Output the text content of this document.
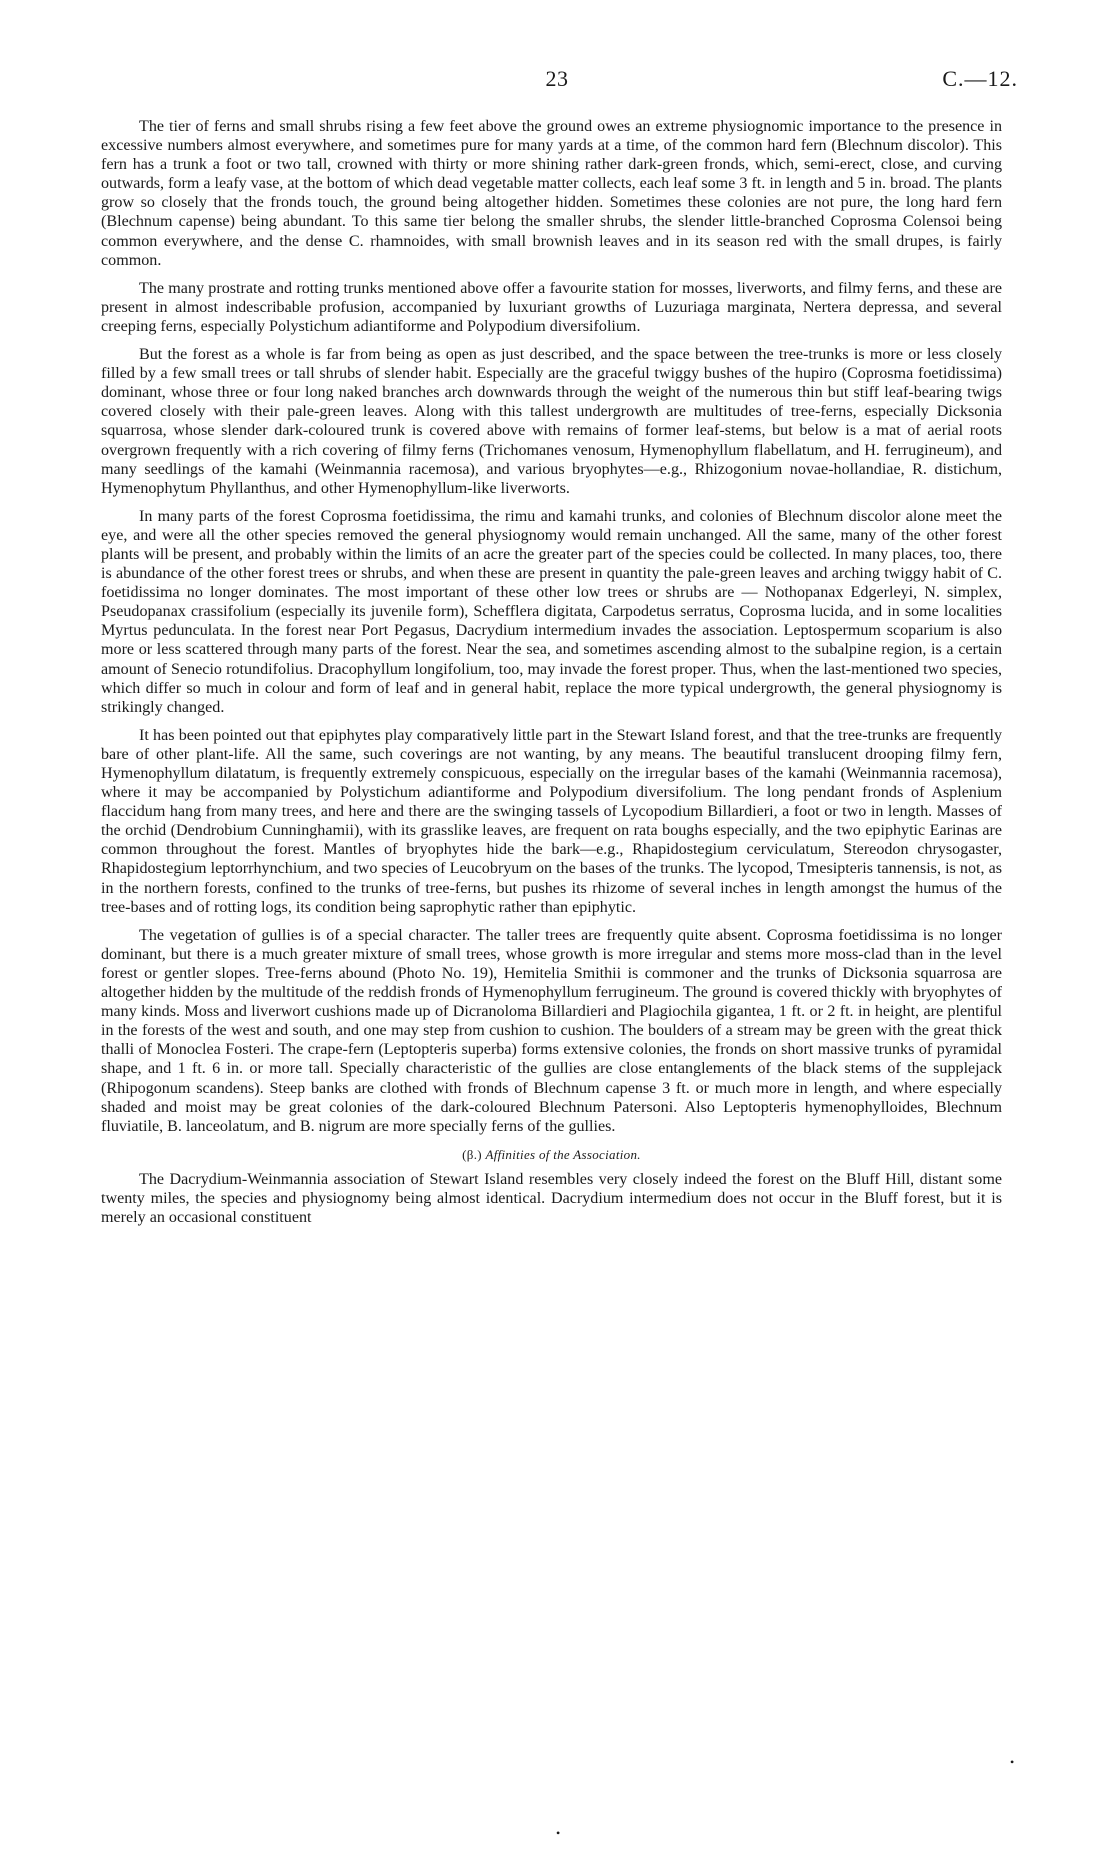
23	C.—12.

The tier of ferns and small shrubs rising a few feet above the ground owes an extreme physiognomic importance to the presence in excessive numbers almost everywhere, and sometimes pure for many yards at a time, of the common hard fern (Blechnum discolor). This fern has a trunk a foot or two tall, crowned with thirty or more shining rather dark-green fronds, which, semi-erect, close, and curving outwards, form a leafy vase, at the bottom of which dead vegetable matter collects, each leaf some 3 ft. in length and 5 in. broad. The plants grow so closely that the fronds touch, the ground being altogether hidden. Sometimes these colonies are not pure, the long hard fern (Blechnum capense) being abundant. To this same tier belong the smaller shrubs, the slender little-branched Coprosma Colensoi being common everywhere, and the dense C. rhamnoides, with small brownish leaves and in its season red with the small drupes, is fairly common.

The many prostrate and rotting trunks mentioned above offer a favourite station for mosses, liverworts, and filmy ferns, and these are present in almost indescribable profusion, accompanied by luxuriant growths of Luzuriaga marginata, Nertera depressa, and several creeping ferns, especially Polystichum adiantiforme and Polypodium diversifolium.

But the forest as a whole is far from being as open as just described, and the space between the tree-trunks is more or less closely filled by a few small trees or tall shrubs of slender habit. Especially are the graceful twiggy bushes of the hupiro (Coprosma foetidissima) dominant, whose three or four long naked branches arch downwards through the weight of the numerous thin but stiff leaf-bearing twigs covered closely with their pale-green leaves. Along with this tallest undergrowth are multitudes of tree-ferns, especially Dicksonia squarrosa, whose slender dark-coloured trunk is covered above with remains of former leaf-stems, but below is a mat of aerial roots overgrown frequently with a rich covering of filmy ferns (Trichomanes venosum, Hymenophyllum flabellatum, and H. ferrugineum), and many seedlings of the kamahi (Weinmannia racemosa), and various bryophytes—e.g., Rhizogonium novae-hollandiae, R. distichum, Hymenophytum Phyllanthus, and other Hymenophyllum-like liverworts.

In many parts of the forest Coprosma foetidissima, the rimu and kamahi trunks, and colonies of Blechnum discolor alone meet the eye, and were all the other species removed the general physiognomy would remain unchanged. All the same, many of the other forest plants will be present, and probably within the limits of an acre the greater part of the species could be collected. In many places, too, there is abundance of the other forest trees or shrubs, and when these are present in quantity the pale-green leaves and arching twiggy habit of C. foetidissima no longer dominates. The most important of these other low trees or shrubs are — Nothopanax Edgerleyi, N. simplex, Pseudopanax crassifolium (especially its juvenile form), Schefflera digitata, Carpodetus serratus, Coprosma lucida, and in some localities Myrtus pedunculata. In the forest near Port Pegasus, Dacrydium intermedium invades the association. Leptospermum scoparium is also more or less scattered through many parts of the forest. Near the sea, and sometimes ascending almost to the subalpine region, is a certain amount of Senecio rotundifolius. Dracophyllum longifolium, too, may invade the forest proper. Thus, when the last-mentioned two species, which differ so much in colour and form of leaf and in general habit, replace the more typical undergrowth, the general physiognomy is strikingly changed.

It has been pointed out that epiphytes play comparatively little part in the Stewart Island forest, and that the tree-trunks are frequently bare of other plant-life. All the same, such coverings are not wanting, by any means. The beautiful translucent drooping filmy fern, Hymenophyllum dilatatum, is frequently extremely conspicuous, especially on the irregular bases of the kamahi (Weinmannia racemosa), where it may be accompanied by Polystichum adiantiforme and Polypodium diversifolium. The long pendant fronds of Asplenium flaccidum hang from many trees, and here and there are the swinging tassels of Lycopodium Billardieri, a foot or two in length. Masses of the orchid (Dendrobium Cunninghamii), with its grasslike leaves, are frequent on rata boughs especially, and the two epiphytic Earinas are common throughout the forest. Mantles of bryophytes hide the bark—e.g., Rhapidostegium cerviculatum, Stereodon chrysogaster, Rhapidostegium leptorrhynchium, and two species of Leucobryum on the bases of the trunks. The lycopod, Tmesipteris tannensis, is not, as in the northern forests, confined to the trunks of tree-ferns, but pushes its rhizome of several inches in length amongst the humus of the tree-bases and of rotting logs, its condition being saprophytic rather than epiphytic.

The vegetation of gullies is of a special character. The taller trees are frequently quite absent. Coprosma foetidissima is no longer dominant, but there is a much greater mixture of small trees, whose growth is more irregular and stems more moss-clad than in the level forest or gentler slopes. Tree-ferns abound (Photo No. 19), Hemitelia Smithii is commoner and the trunks of Dicksonia squarrosa are altogether hidden by the multitude of the reddish fronds of Hymenophyllum ferrugineum. The ground is covered thickly with bryophytes of many kinds. Moss and liverwort cushions made up of Dicranoloma Billardieri and Plagiochila gigantea, 1 ft. or 2 ft. in height, are plentiful in the forests of the west and south, and one may step from cushion to cushion. The boulders of a stream may be green with the great thick thalli of Monoclea Fosteri. The crape-fern (Leptopteris superba) forms extensive colonies, the fronds on short massive trunks of pyramidal shape, and 1 ft. 6 in. or more tall. Specially characteristic of the gullies are close entanglements of the black stems of the supplejack (Rhipogonum scandens). Steep banks are clothed with fronds of Blechnum capense 3 ft. or much more in length, and where especially shaded and moist may be great colonies of the dark-coloured Blechnum Patersoni. Also Leptopteris hymenophylloides, Blechnum fluviatile, B. lanceolatum, and B. nigrum are more specially ferns of the gullies.

(β.) Affinities of the Association.

The Dacrydium-Weinmannia association of Stewart Island resembles very closely indeed the forest on the Bluff Hill, distant some twenty miles, the species and physiognomy being almost identical. Dacrydium intermedium does not occur in the Bluff forest, but it is merely an occasional constituent

•
•
